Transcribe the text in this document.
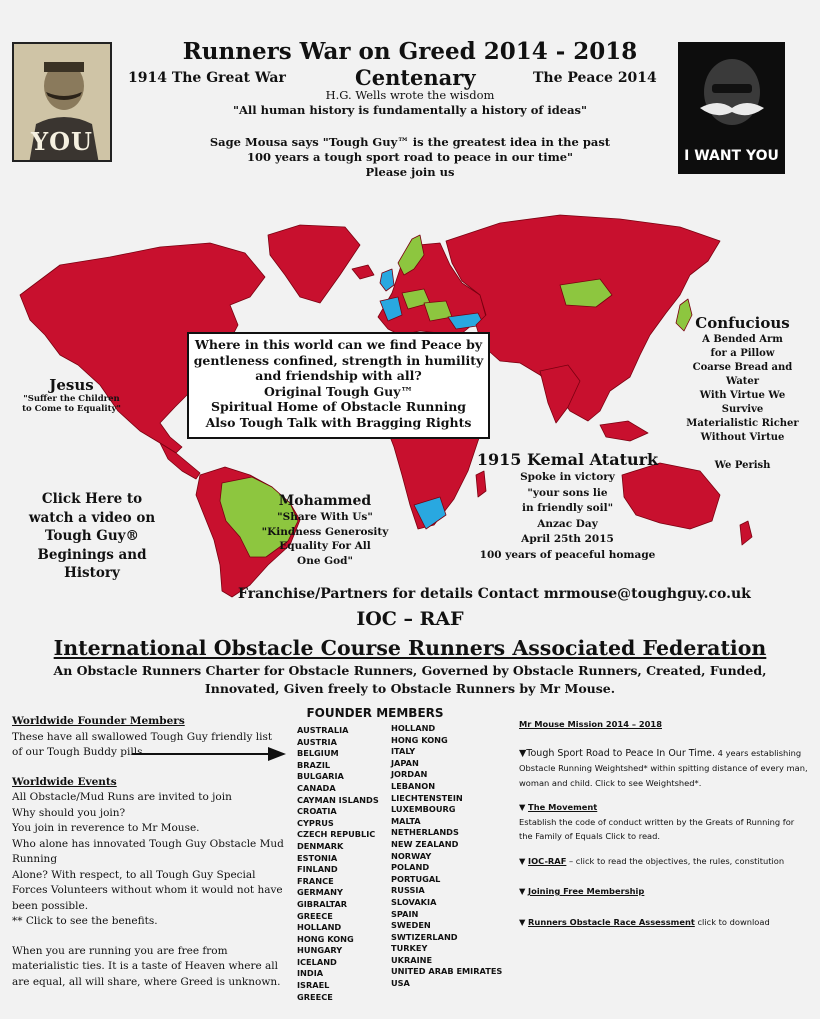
YOU	I WANT YOU
Runners War on Greed 2014 - 2018
1914 The Great War	Centenary	The Peace 2014
H.G. Wells wrote the wisdom
"All human history is fundamentally a history of ideas"
Sage Mousa says "Tough Guy™ is the greatest idea in the past
100 years a tough sport road to peace in our time"
Please join us
Where in this world can we find Peace by
gentleness confined, strength in humility
and friendship with all?
Original Tough Guy™
Spiritual Home of Obstacle Running
Also Tough Talk with Bragging Rights
Jesus
"Suffer the Children
to Come to Equality"
Confucious
A Bended Arm
for a Pillow
Coarse Bread and Water
With Virtue We Survive
Materialistic Richer
Without Virtue
We Perish
1915 Kemal Ataturk
Spoke in victory
"your sons lie
in friendly soil"
Anzac Day
April 25th 2015
100 years of peaceful homage
Click Here to
watch a video on
Tough Guy®
Beginings and
History
Mohammed
"Share With Us"
"Kindness Generosity
Equality For All
One God"
Franchise/Partners for details Contact mrmouse@toughguy.co.uk
IOC – RAF
International Obstacle Course Runners Associated Federation
An Obstacle Runners Charter for Obstacle Runners, Governed by Obstacle Runners, Created, Funded,
Innovated, Given freely to Obstacle Runners by Mr Mouse.
Worldwide Founder Members

These have all swallowed Tough Guy friendly list of our Tough Buddy pills.

Worldwide Events

All Obstacle/Mud Runs are invited to join

Why should you join?

You join in reverence to Mr Mouse.

Who alone has innovated Tough Guy Obstacle Mud Running

Alone? With respect, to all Tough Guy Special Forces Volunteers without whom it would not have been possible.

** Click to see the benefits.

When you are running you are free from materialistic ties. It is a taste of Heaven where all are equal, all will share, where Greed is unknown.

FOUNDER MEMBERS
AUSTRALIA
AUSTRIA
BELGIUM
BRAZIL
BULGARIA
CANADA
CAYMAN ISLANDS
CROATIA
CYPRUS
CZECH REPUBLIC
DENMARK
ESTONIA
FINLAND
FRANCE
GERMANY
GIBRALTAR
GREECE
HOLLAND
HONG KONG
HUNGARY
ICELAND
INDIA
ISRAEL
GREECE
HOLLAND
HONG KONG
ITALY
JAPAN
JORDAN
LEBANON
LIECHTENSTEIN
LUXEMBOURG
MALTA
NETHERLANDS
NEW ZEALAND
NORWAY
POLAND
PORTUGAL
RUSSIA
SLOVAKIA
SPAIN
SWEDEN
SWTIZERLAND
TURKEY
UKRAINE
UNITED ARAB EMIRATES
USA
Mr Mouse Mission 2014 – 2018
▼Tough Sport Road to Peace In Our Time. 4 years establishing Obstacle Running Weightshed* within spitting distance of every man, woman and child. Click to see Weightshed*.
▼ The Movement
Establish the code of conduct written by the Greats of Running for the Family of Equals Click to read.
▼ IOC-RAF – click to read the objectives, the rules, constitution
▼ Joining Free Membership
▼ Runners Obstacle Race Assessment click to download
